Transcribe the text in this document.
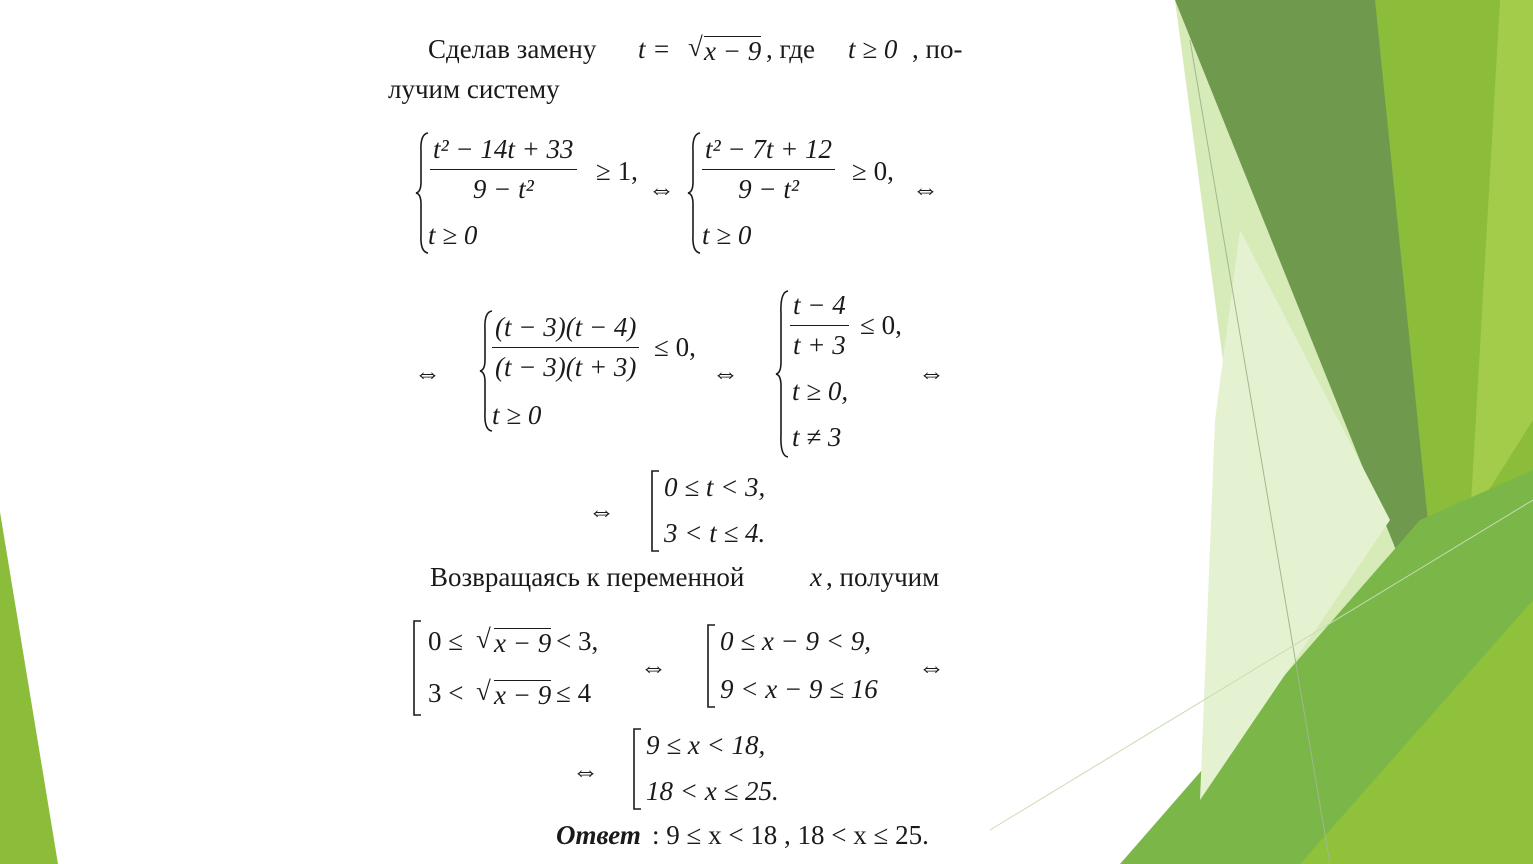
Сделав замену t = √ x − 9 , где t ≥ 0 , по-
лучим систему
t² − 14t + 33
9 − t²
≥ 1,
t ≥ 0
⇔
t² − 7t + 12
9 − t²
≥ 0,
t ≥ 0
⇔
⇔
(t − 3)(t − 4)
(t − 3)(t + 3)
≤ 0,
t ≥ 0
⇔
t − 4
t + 3
≤ 0,
t ≥ 0,
t ≠ 3
⇔
⇔
0 ≤ t < 3,
3 < t ≤ 4.
Возвращаясь к переменной x , получим
0 ≤ √ x − 9 < 3,
3 < √ x − 9 ≤ 4
⇔
0 ≤ x − 9 < 9,
9 < x − 9 ≤ 16
⇔
⇔
9 ≤ x < 18,
18 < x ≤ 25.
Ответ : 9 ≤ x < 18 , 18 < x ≤ 25.
